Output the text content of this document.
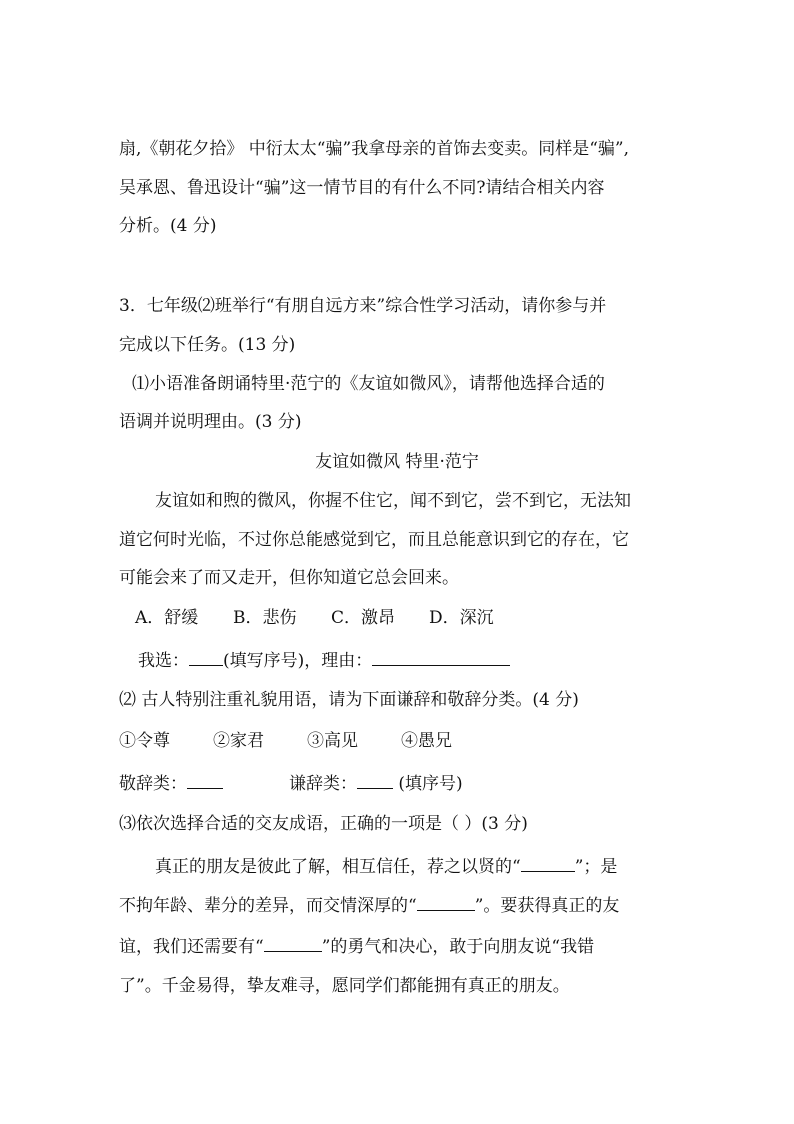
扇,《朝花夕拾》 中衍太太“骗”我拿母亲的首饰去变卖。同样是“骗”,
吴承恩、鲁迅设计“骗”这一情节目的有什么不同?请结合相关内容
分析。(4 分)
3．七年级⑵班举行“有朋自远方来”综合性学习活动，请你参与并
完成以下任务。(13 分)
⑴小语准备朗诵特里·范宁的《友谊如微风》，请帮他选择合适的
语调并说明理由。(3 分)
友谊如微风 特里·范宁
友谊如和煦的微风，你握不住它，闻不到它，尝不到它，无法知
道它何时光临，不过你总能感觉到它，而且总能意识到它的存在，它
可能会来了而又走开，但你知道它总会回来。
A．舒缓 B．悲伤 C．激昂 D．深沉
我选： (填写序号)，理由：
⑵ 古人特别注重礼貌用语，请为下面谦辞和敬辞分类。(4 分)
①令尊	②家君	③高见	④愚兄
敬辞类：	谦辞类： (填序号)
⑶依次选择合适的交友成语，正确的一项是（ ）(3 分)
真正的朋友是彼此了解，相互信任，荐之以贤的“	”；是
不拘年龄、辈分的差异，而交情深厚的“	”。要获得真正的友
谊，我们还需要有“	”的勇气和决心，敢于向朋友说“我错
了”。千金易得，挚友难寻，愿同学们都能拥有真正的朋友。
